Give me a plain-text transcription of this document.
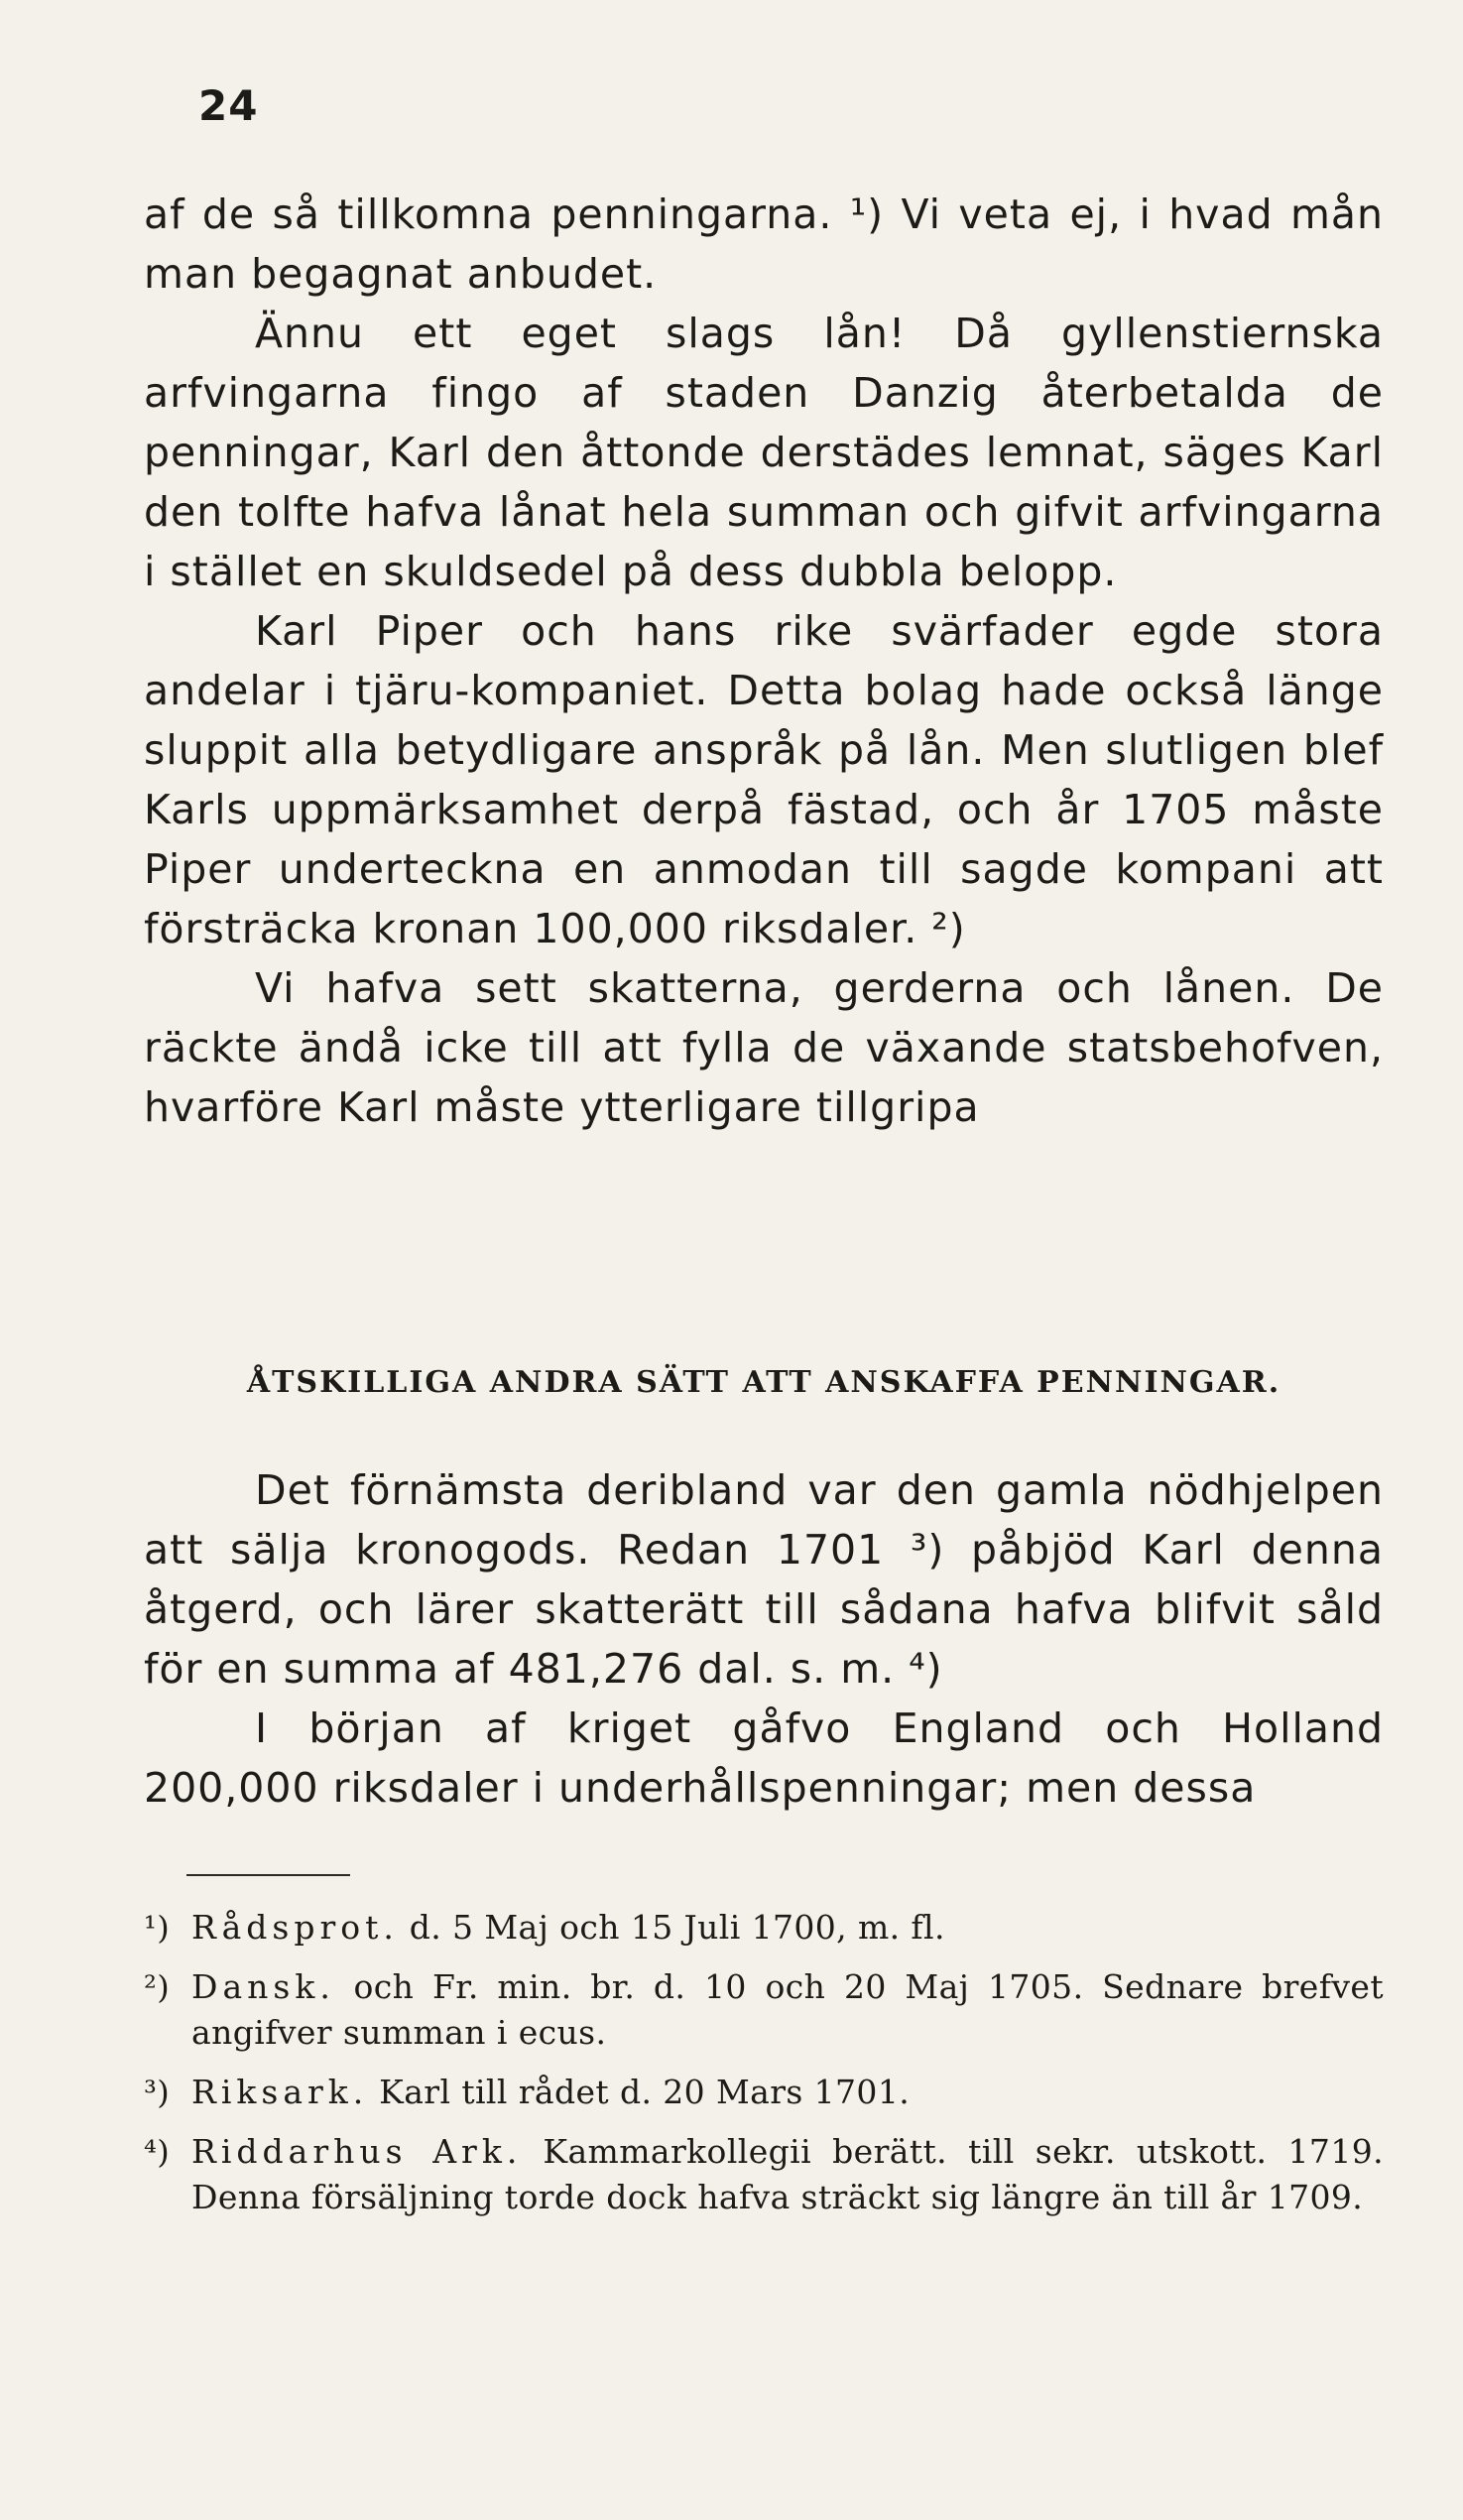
24

af de så tillkomna penningarna. ¹) Vi veta ej, i hvad mån man begagnat anbudet.

Ännu ett eget slags lån! Då gyllenstiernska arfvingarna fingo af staden Danzig återbetalda de penningar, Karl den åttonde derstädes lemnat, säges Karl den tolfte hafva lånat hela summan och gifvit arfvingarna i stället en skuldsedel på dess dubbla belopp.

Karl Piper och hans rike svärfader egde stora andelar i tjäru-kompaniet. Detta bolag hade också länge sluppit alla betydligare anspråk på lån. Men slutligen blef Karls uppmärksamhet derpå fästad, och år 1705 måste Piper underteckna en anmodan till sagde kompani att försträcka kronan 100,000 riksdaler. ²)

Vi hafva sett skatterna, gerderna och lånen. De räckte ändå icke till att fylla de växande statsbehofven, hvarföre Karl måste ytterligare tillgripa

ÅTSKILLIGA ANDRA SÄTT ATT ANSKAFFA PENNINGAR.

Det förnämsta deribland var den gamla nödhjelpen att sälja kronogods. Redan 1701 ³) påbjöd Karl denna åtgerd, och lärer skatterätt till sådana hafva blifvit såld för en summa af 481,276 dal. s. m. ⁴)

I början af kriget gåfvo England och Holland 200,000 riksdaler i underhållspenningar; men dessa

¹) Rådsprot. d. 5 Maj och 15 Juli 1700, m. fl.

²) Dansk. och Fr. min. br. d. 10 och 20 Maj 1705. Sednare brefvet angifver summan i ecus.

³) Riksark. Karl till rådet d. 20 Mars 1701.

⁴) Riddarhus Ark. Kammarkollegii berätt. till sekr. utskott. 1719. Denna försäljning torde dock hafva sträckt sig längre än till år 1709.
